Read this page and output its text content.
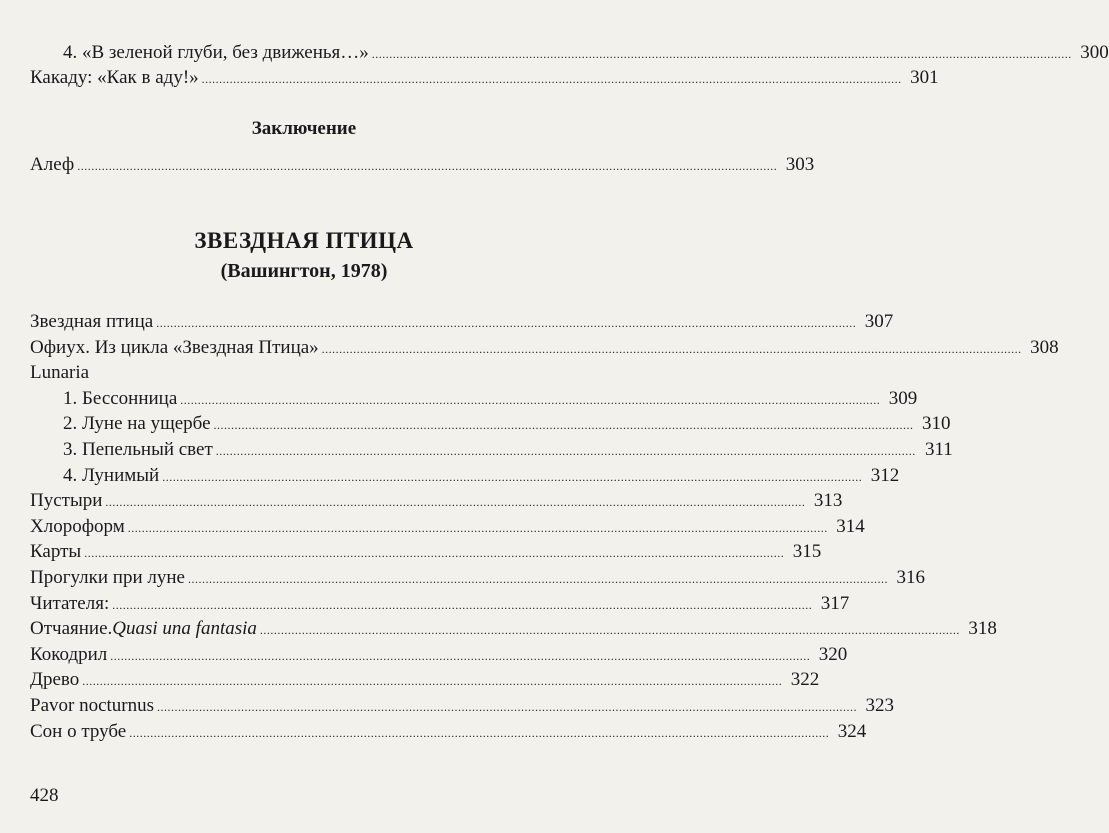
4. «В зеленой глуби, без движенья…» ........................................................................................................................................................................................................ 300
Какаду: «Как в аду!» ........................................................................................................................................................................................................ 301
Заключение
Алеф ........................................................................................................................................................................................................ 303
ЗВЕЗДНАЯ ПТИЦА
(Вашингтон, 1978)
Звездная птица ........................................................................................................................................................................................................ 307
Офиух. Из цикла «Звездная Птица» ........................................................................................................................................................................................................ 308
Lunaria
1. Бессонница ........................................................................................................................................................................................................ 309
2. Луне на ущербе ........................................................................................................................................................................................................ 310
3. Пепельный свет ........................................................................................................................................................................................................ 311
4. Лунимый ........................................................................................................................................................................................................ 312
Пустыри ........................................................................................................................................................................................................ 313
Хлороформ ........................................................................................................................................................................................................ 314
Карты ........................................................................................................................................................................................................ 315
Прогулки при луне ........................................................................................................................................................................................................ 316
Читателя: ........................................................................................................................................................................................................ 317
Отчаяние. Quasi una fantasia ........................................................................................................................................................................................................ 318
Кокодрил ........................................................................................................................................................................................................ 320
Древо ........................................................................................................................................................................................................ 322
Pavor nocturnus ........................................................................................................................................................................................................ 323
Сон о трубе ........................................................................................................................................................................................................ 324
428
